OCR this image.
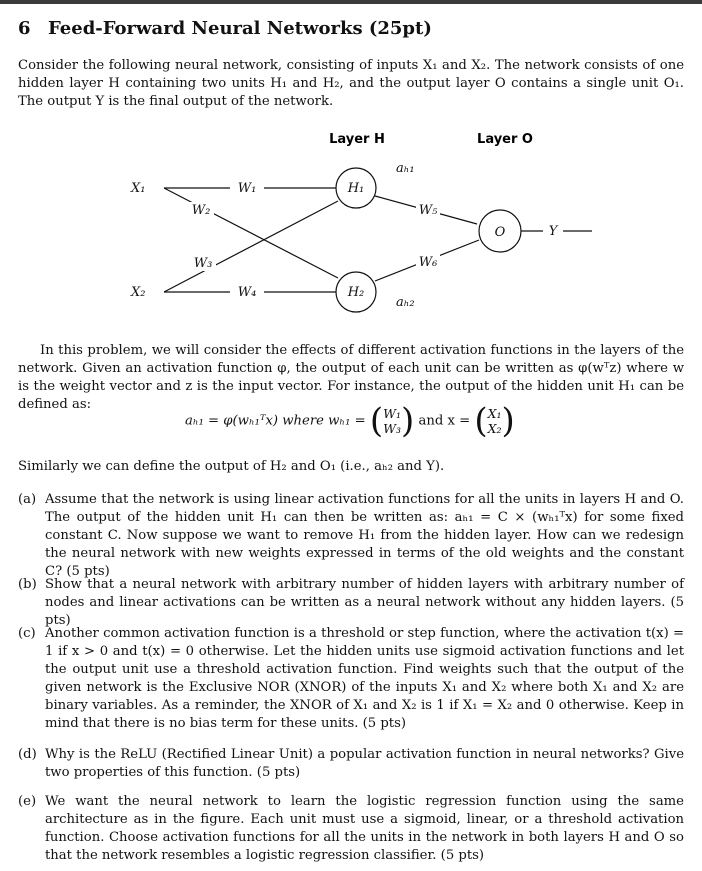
6 Feed-Forward Neural Networks (25pt)

Consider the following neural network, consisting of inputs X₁ and X₂. The network consists of one hidden layer H containing two units H₁ and H₂, and the output layer O contains a single unit O₁. The output Y is the final output of the network.

Layer H	Layer O
X₁
X₂
H₁
H₂
O
W₁
W₂
W₃
W₄
W₅
W₆
aₕ₁
aₕ₂
Y

In this problem, we will consider the effects of different activation functions in the layers of the network. Given an activation function φ, the output of each unit can be written as φ(wᵀz) where w is the weight vector and z is the input vector. For instance, the output of the hidden unit H₁ can be defined as:

aₕ₁ = φ(wₕ₁ᵀx) where wₕ₁ = (W₁
W₃) and x = (X₁
X₂)

Similarly we can define the output of H₂ and O₁ (i.e., aₕ₂ and Y).

(a) Assume that the network is using linear activation functions for all the units in layers H and O. The output of the hidden unit H₁ can then be written as: aₕ₁ = C × (wₕ₁ᵀx) for some fixed constant C. Now suppose we want to remove H₁ from the hidden layer. How can we redesign the neural network with new weights expressed in terms of the old weights and the constant C? (5 pts)

(b) Show that a neural network with arbitrary number of hidden layers with arbitrary number of nodes and linear activations can be written as a neural network without any hidden layers. (5 pts)

(c) Another common activation function is a threshold or step function, where the activation t(x) = 1 if x > 0 and t(x) = 0 otherwise. Let the hidden units use sigmoid activation functions and let the output unit use a threshold activation function. Find weights such that the output of the given network is the Exclusive NOR (XNOR) of the inputs X₁ and X₂ where both X₁ and X₂ are binary variables. As a reminder, the XNOR of X₁ and X₂ is 1 if X₁ = X₂ and 0 otherwise. Keep in mind that there is no bias term for these units. (5 pts)

(d) Why is the ReLU (Rectified Linear Unit) a popular activation function in neural networks? Give two properties of this function. (5 pts)

(e) We want the neural network to learn the logistic regression function using the same architecture as in the figure. Each unit must use a sigmoid, linear, or a threshold activation function. Choose activation functions for all the units in the network in both layers H and O so that the network resembles a logistic regression classifier. (5 pts)
